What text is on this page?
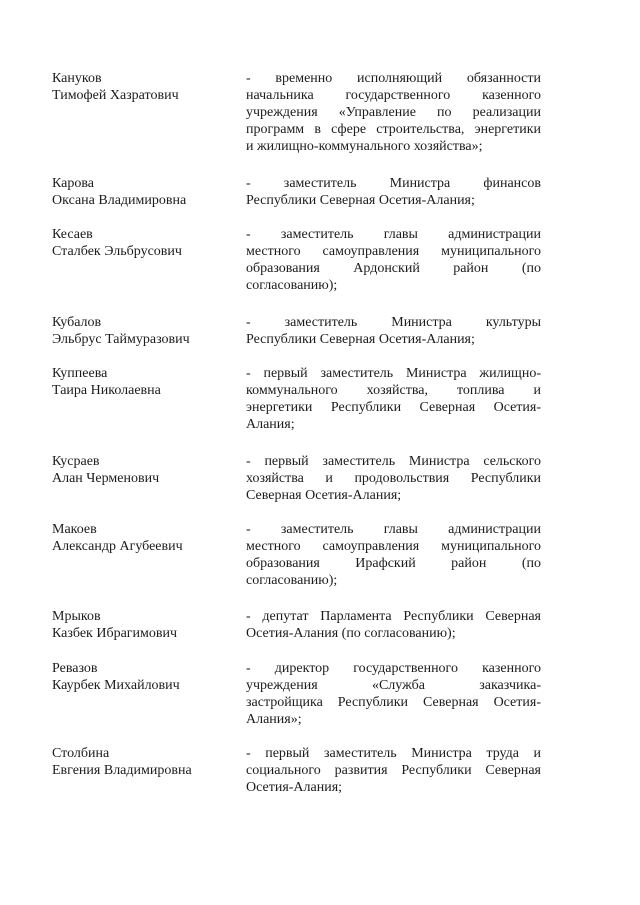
Кануков
Тимофей Хазратович
- временно исполняющий обязанности
начальника государственного казенного
учреждения «Управление по реализации
программ в сфере строительства, энергетики
и жилищно-коммунального хозяйства»;
Карова
Оксана Владимировна
- заместитель Министра финансов
Республики Северная Осетия-Алания;
Кесаев
Сталбек Эльбрусович
- заместитель главы администрации
местного самоуправления муниципального
образования Ардонский район (по
согласованию);
Кубалов
Эльбрус Таймуразович
- заместитель Министра культуры
Республики Северная Осетия-Алания;
Куппеева
Таира Николаевна
- первый заместитель Министра жилищно-
коммунального хозяйства, топлива и
энергетики Республики Северная Осетия-
Алания;
Кусраев
Алан Черменович
- первый заместитель Министра сельского
хозяйства и продовольствия Республики
Северная Осетия-Алания;
Макоев
Александр Агубеевич
- заместитель главы администрации
местного самоуправления муниципального
образования Ирафский район (по
согласованию);
Мрыков
Казбек Ибрагимович
- депутат Парламента Республики Северная
Осетия-Алания (по согласованию);
Ревазов
Каурбек Михайлович
- директор государственного казенного
учреждения «Служба заказчика-
застройщика Республики Северная Осетия-
Алания»;
Столбина
Евгения Владимировна
- первый заместитель Министра труда и
социального развития Республики Северная
Осетия-Алания;
